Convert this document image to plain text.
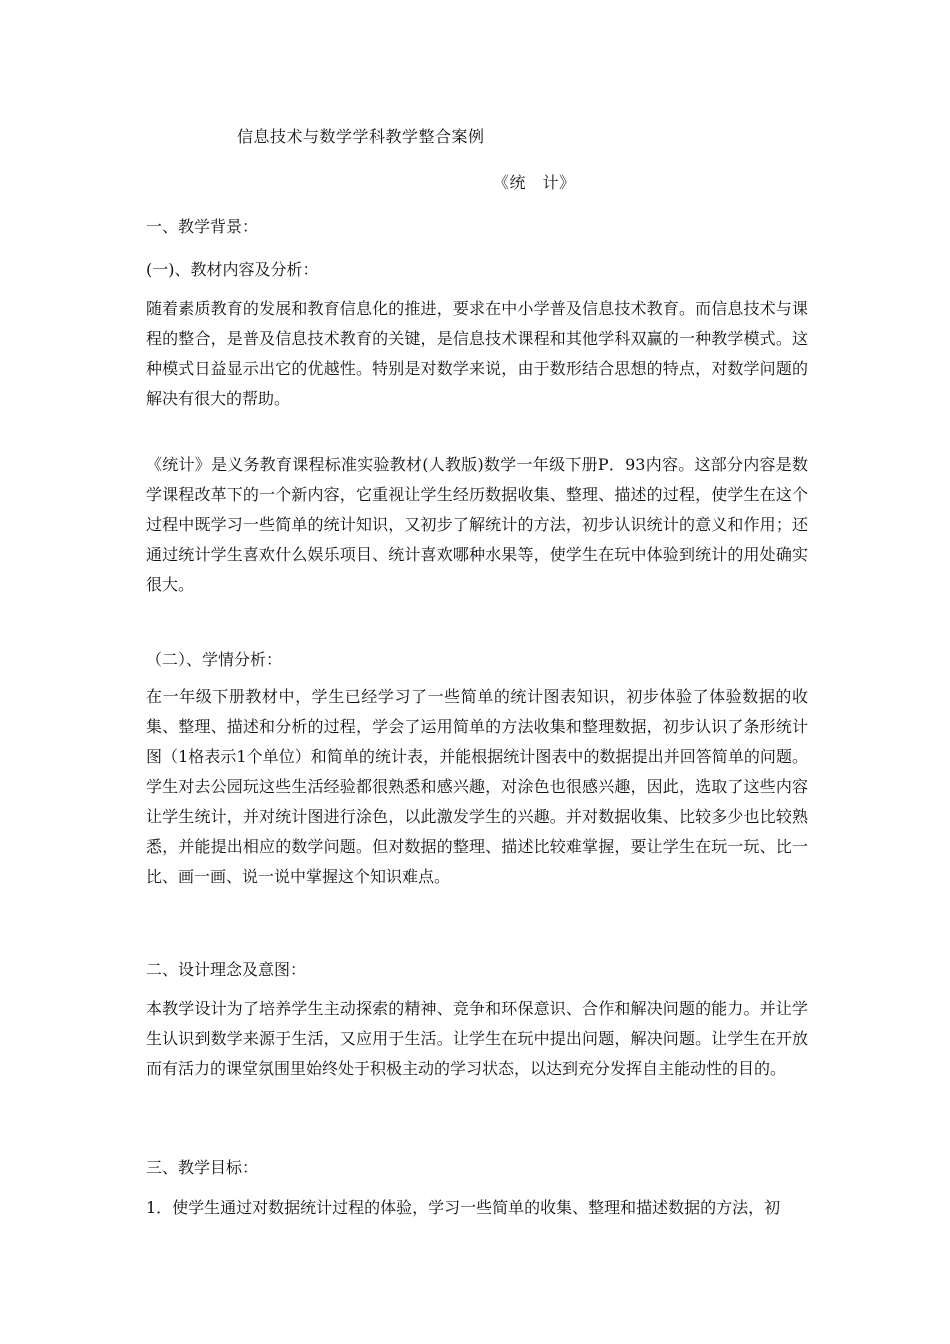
信息技术与数学学科教学整合案例
《统　计》
一、教学背景：
(一)、教材内容及分析：
随着素质教育的发展和教育信息化的推进，要求在中小学普及信息技术教育。而信息技术与课程的整合，是普及信息技术教育的关键，是信息技术课程和其他学科双赢的一种教学模式。这种模式日益显示出它的优越性。特别是对数学来说，由于数形结合思想的特点，对数学问题的解决有很大的帮助。
《统计》是义务教育课程标准实验教材(人教版)数学一年级下册P．93内容。这部分内容是数学课程改革下的一个新内容，它重视让学生经历数据收集、整理、描述的过程，使学生在这个过程中既学习一些简单的统计知识，又初步了解统计的方法，初步认识统计的意义和作用；还通过统计学生喜欢什么娱乐项目、统计喜欢哪种水果等，使学生在玩中体验到统计的用处确实很大。
（二）、学情分析：
在一年级下册教材中，学生已经学习了一些简单的统计图表知识，初步体验了体验数据的收集、整理、描述和分析的过程，学会了运用简单的方法收集和整理数据，初步认识了条形统计图（1格表示1个单位）和简单的统计表，并能根据统计图表中的数据提出并回答简单的问题。学生对去公园玩这些生活经验都很熟悉和感兴趣，对涂色也很感兴趣，因此，选取了这些内容让学生统计，并对统计图进行涂色，以此激发学生的兴趣。并对数据收集、比较多少也比较熟悉，并能提出相应的数学问题。但对数据的整理、描述比较难掌握，要让学生在玩一玩、比一比、画一画、说一说中掌握这个知识难点。
二、设计理念及意图：
本教学设计为了培养学生主动探索的精神、竞争和环保意识、合作和解决问题的能力。并让学生认识到数学来源于生活，又应用于生活。让学生在玩中提出问题，解决问题。让学生在开放而有活力的课堂氛围里始终处于积极主动的学习状态，以达到充分发挥自主能动性的目的。
三、教学目标：
1．使学生通过对数据统计过程的体验，学习一些简单的收集、整理和描述数据的方法，初
